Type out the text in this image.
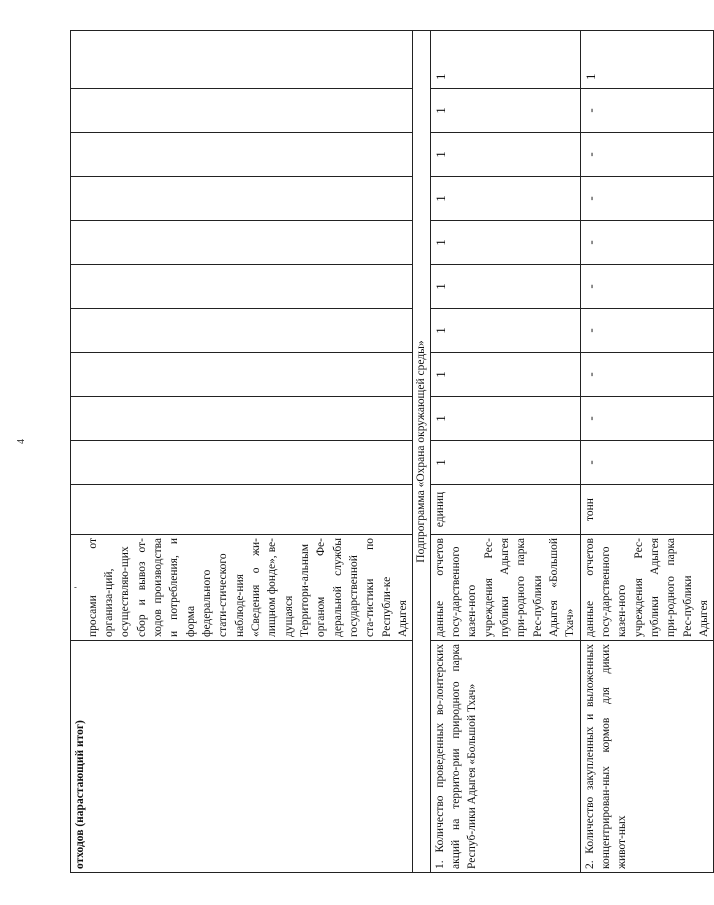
4
отходов (нарастающий итог)	' просами от организа-ций, осуществляю-щих сбор и вывоз от-ходов производства и потребления, и форма федерального стати-стического наблюде-ния «Сведения о жи-лищном фонде», ве-дущаяся Территори-альным органом Фе-деральной службы государственной ста-тистики по Республи-ке Адыгея											

Подпрограмма «Охрана окружающей среды»												
1. Количество проведенных во-лонтерских акций на террито-рии природного парка Респуб-лики Адыгея «Большой Тхач»	данные отчетов госу-дарственного казен-ного учреждения Рес-публики Адыгея при-родного парка Рес-публики Адыгея «Большой Тхач»	единиц	1	1	1	1	1	1	1	1	1	1
2. Количество закупленных и выложенных концентрирован-ных кормов для диких живот-ных	данные отчетов госу-дарственного казен-ного учреждения Рес-публики Адыгея при-родного парка Рес-публики Адыгея	тонн	-	-	-	-	-	-	-	-	-	1
